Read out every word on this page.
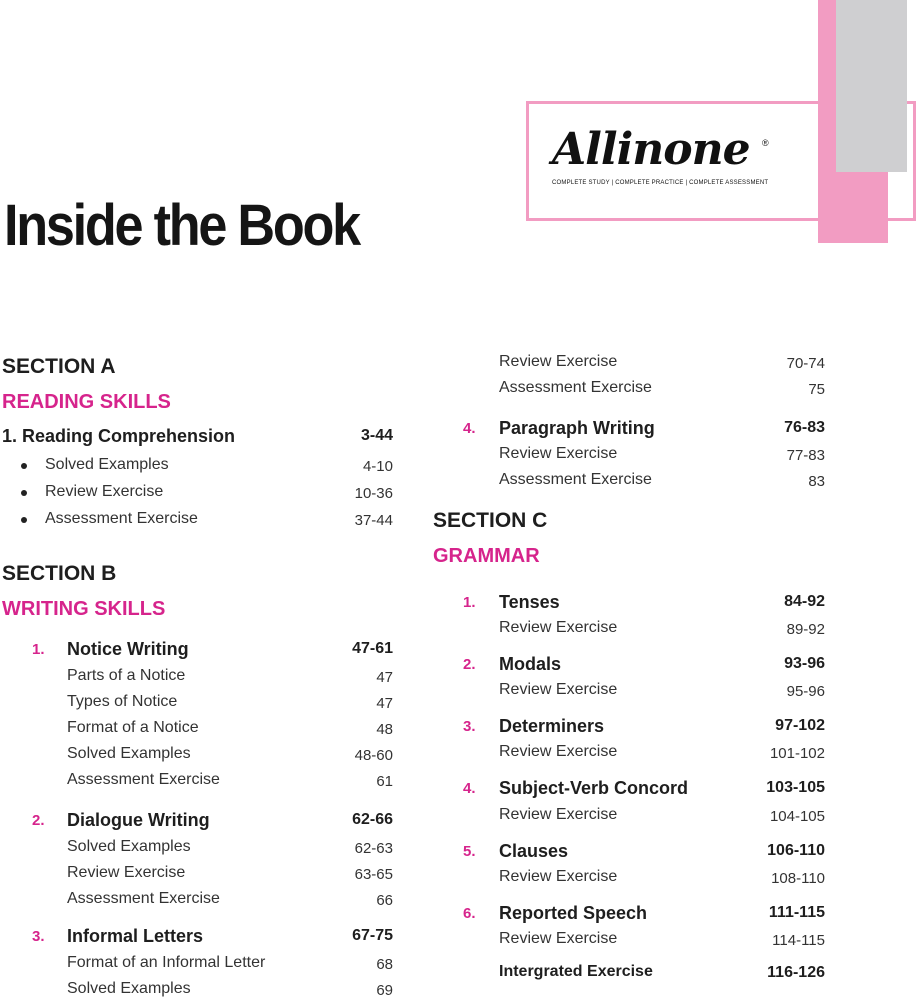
Allinone ®
COMPLETE STUDY | COMPLETE PRACTICE | COMPLETE ASSESSMENT
Inside the Book
SECTION A
READING SKILLS
1. Reading Comprehension	3-44
Solved Examples	4-10
Review Exercise	10-36
Assessment Exercise	37-44
SECTION B
WRITING SKILLS
1. Notice Writing	47-61
Parts of a Notice	47
Types of Notice	47
Format of a Notice	48
Solved Examples	48-60
Assessment Exercise	61
2. Dialogue Writing	62-66
Solved Examples	62-63
Review Exercise	63-65
Assessment Exercise	66
3. Informal Letters	67-75
Format of an Informal Letter	68
Solved Examples	69
Review Exercise	70-74
Assessment Exercise	75
4. Paragraph Writing	76-83
Review Exercise	77-83
Assessment Exercise	83
SECTION C
GRAMMAR
1. Tenses	84-92
Review Exercise	89-92
2. Modals	93-96
Review Exercise	95-96
3. Determiners	97-102
Review Exercise	101-102
4. Subject-Verb Concord	103-105
Review Exercise	104-105
5. Clauses	106-110
Review Exercise	108-110
6. Reported Speech	111-115
Review Exercise	114-115
Intergrated Exercise	116-126
